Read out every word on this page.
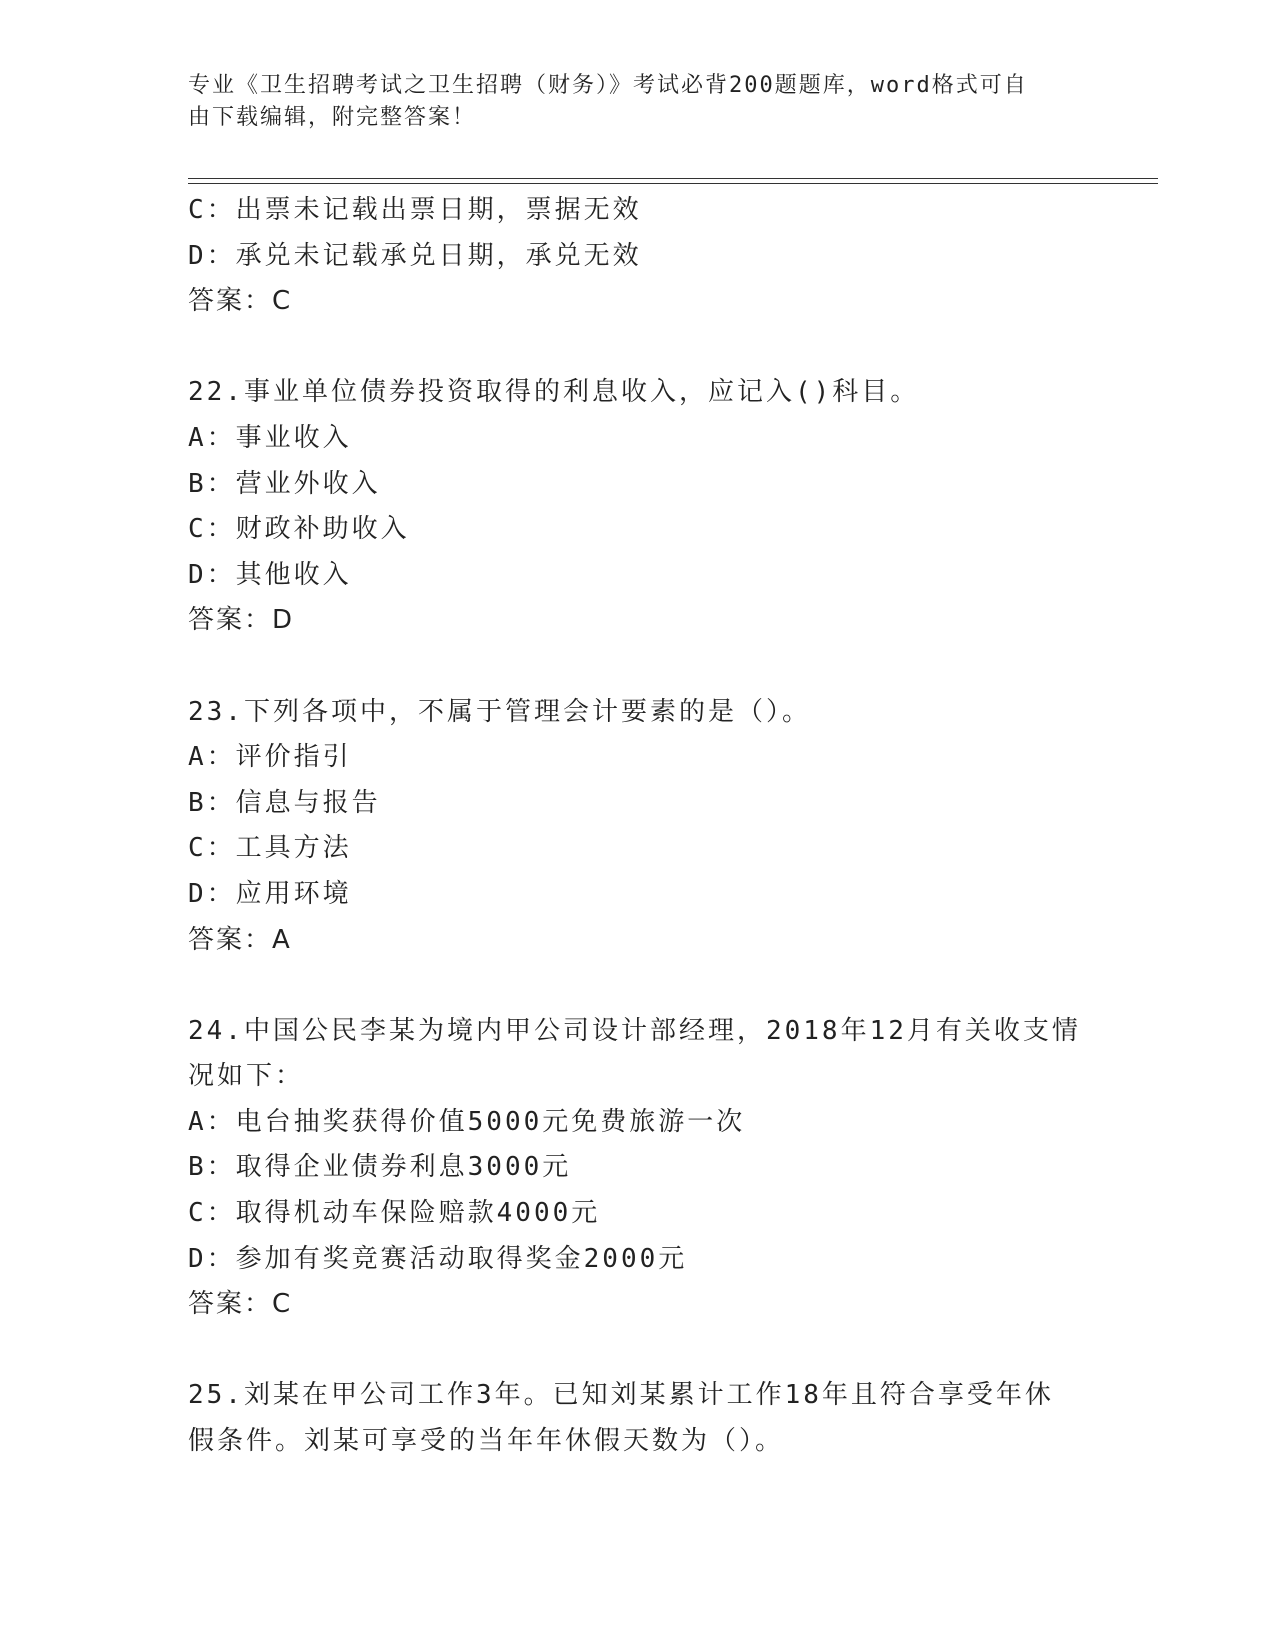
专业《卫生招聘考试之卫生招聘（财务）》考试必背200题题库，word格式可自
由下载编辑，附完整答案！
C：出票未记载出票日期，票据无效
D：承兑未记载承兑日期，承兑无效
答案：C
22.事业单位债券投资取得的利息收入，应记入()科目。
A：事业收入
B：营业外收入
C：财政补助收入
D：其他收入
答案：D
23.下列各项中，不属于管理会计要素的是（）。
A：评价指引
B：信息与报告
C：工具方法
D：应用环境
答案：A
24.中国公民李某为境内甲公司设计部经理，2018年12月有关收支情
况如下：
A：电台抽奖获得价值5000元免费旅游一次
B：取得企业债券利息3000元
C：取得机动车保险赔款4000元
D：参加有奖竞赛活动取得奖金2000元
答案：C
25.刘某在甲公司工作3年。已知刘某累计工作18年且符合享受年休
假条件。刘某可享受的当年年休假天数为（）。
